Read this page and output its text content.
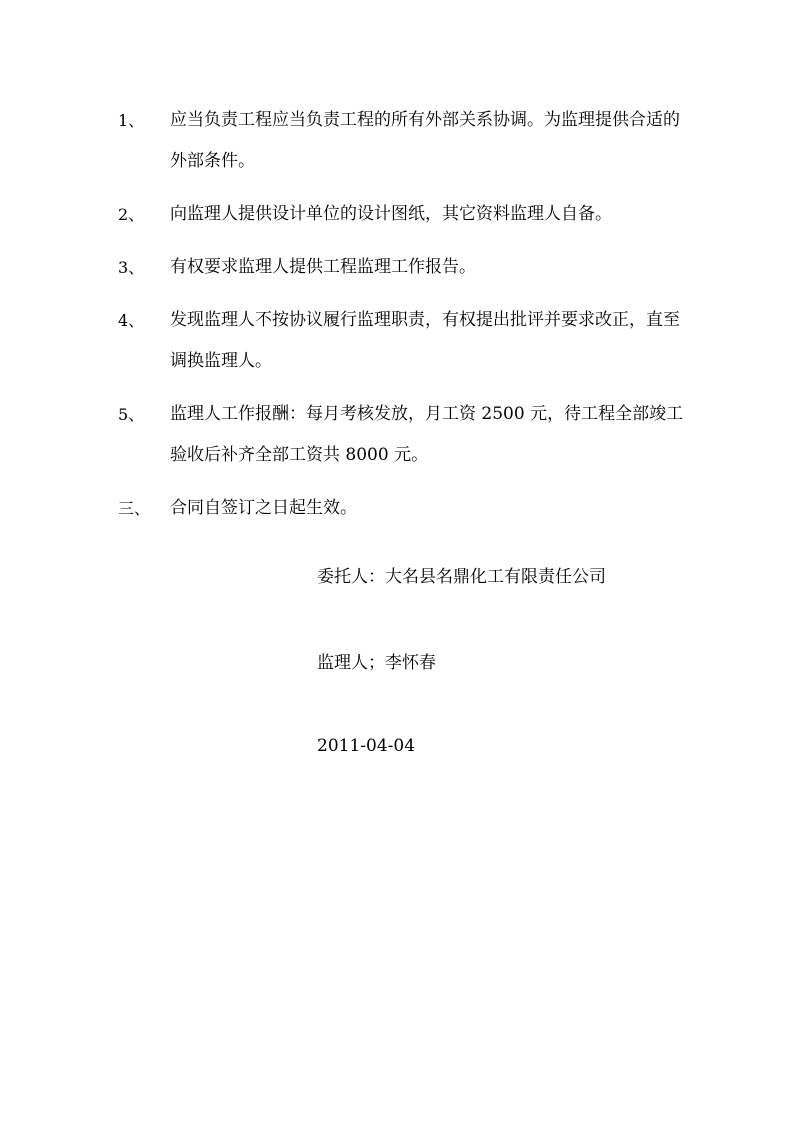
1、	应当负责工程应当负责工程的所有外部关系协调。为监理提供合适的外部条件。
2、	向监理人提供设计单位的设计图纸，其它资料监理人自备。
3、	有权要求监理人提供工程监理工作报告。
4、	发现监理人不按协议履行监理职责，有权提出批评并要求改正，直至调换监理人。
5、	监理人工作报酬：每月考核发放，月工资 2500 元，待工程全部竣工验收后补齐全部工资共 8000 元。
三、	合同自签订之日起生效。
委托人：大名县名鼎化工有限责任公司
监理人；李怀春
2011-04-04
